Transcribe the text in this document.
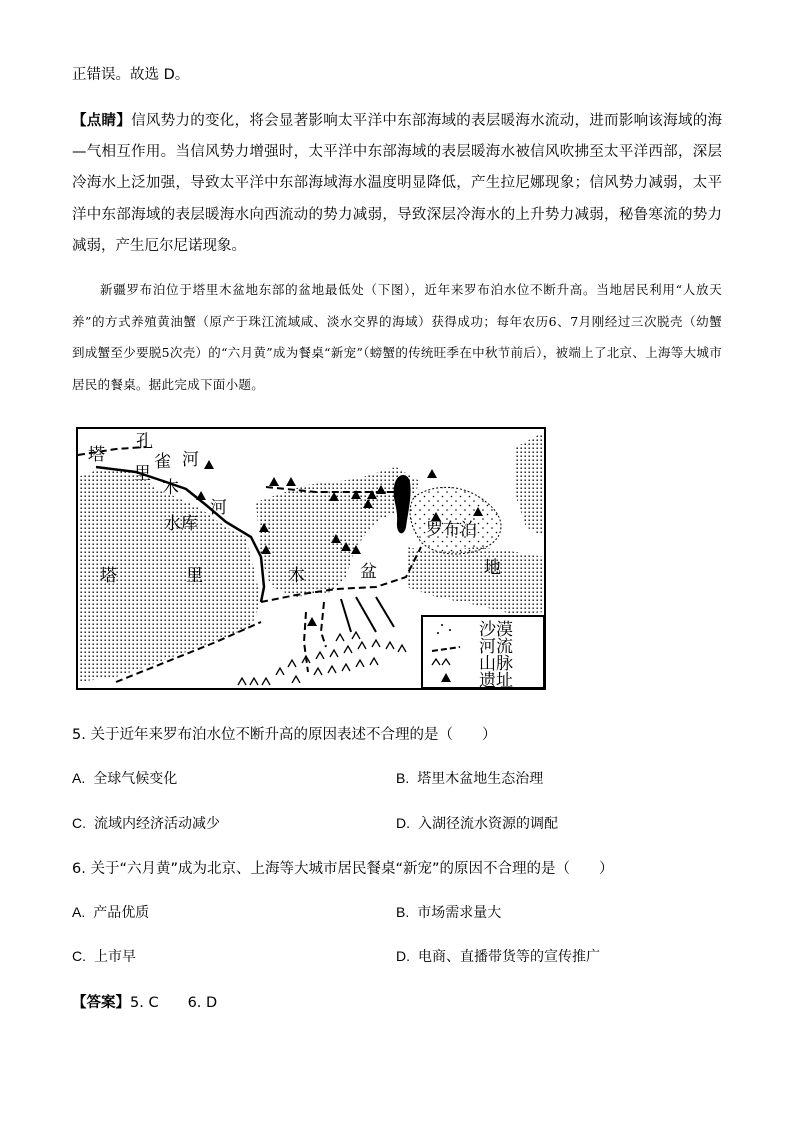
正错误。故选 D。
【点睛】信风势力的变化，将会显著影响太平洋中东部海域的表层暖海水流动，进而影响该海域的海—气相互作用。当信风势力增强时，太平洋中东部海域的表层暖海水被信风吹拂至太平洋西部，深层冷海水上泛加强，导致太平洋中东部海域海水温度明显降低，产生拉尼娜现象；信风势力减弱，太平洋中东部海域的表层暖海水向西流动的势力减弱，导致深层冷海水的上升势力减弱，秘鲁寒流的势力减弱，产生厄尔尼诺现象。
新疆罗布泊位于塔里木盆地东部的盆地最低处（下图），近年来罗布泊水位不断升高。当地居民利用“人放天养”的方式养殖黄油蟹（原产于珠江流域咸、淡水交界的海域）获得成功；每年农历6、7月刚经过三次脱壳（幼蟹到成蟹至少要脱5次壳）的“六月黄”成为餐桌“新宠”（螃蟹的传统旺季在中秋节前后），被端上了北京、上海等大城市居民的餐桌。据此完成下面小题。
塔
孔
雀 河
里
木
河
水库
塔	里	木	盆	地
罗布泊
沙漠
河流
山脉
遗址
5. 关于近年来罗布泊水位不断升高的原因表述不合理的是（　　）
A. 全球气候变化	B. 塔里木盆地生态治理
C. 流域内经济活动减少	D. 入湖径流水资源的调配
6. 关于“六月黄”成为北京、上海等大城市居民餐桌“新宠”的原因不合理的是（　　）
A. 产品优质	B. 市场需求量大
C. 上市早	D. 电商、直播带货等的宣传推广
【答案】5. C　　6. D
